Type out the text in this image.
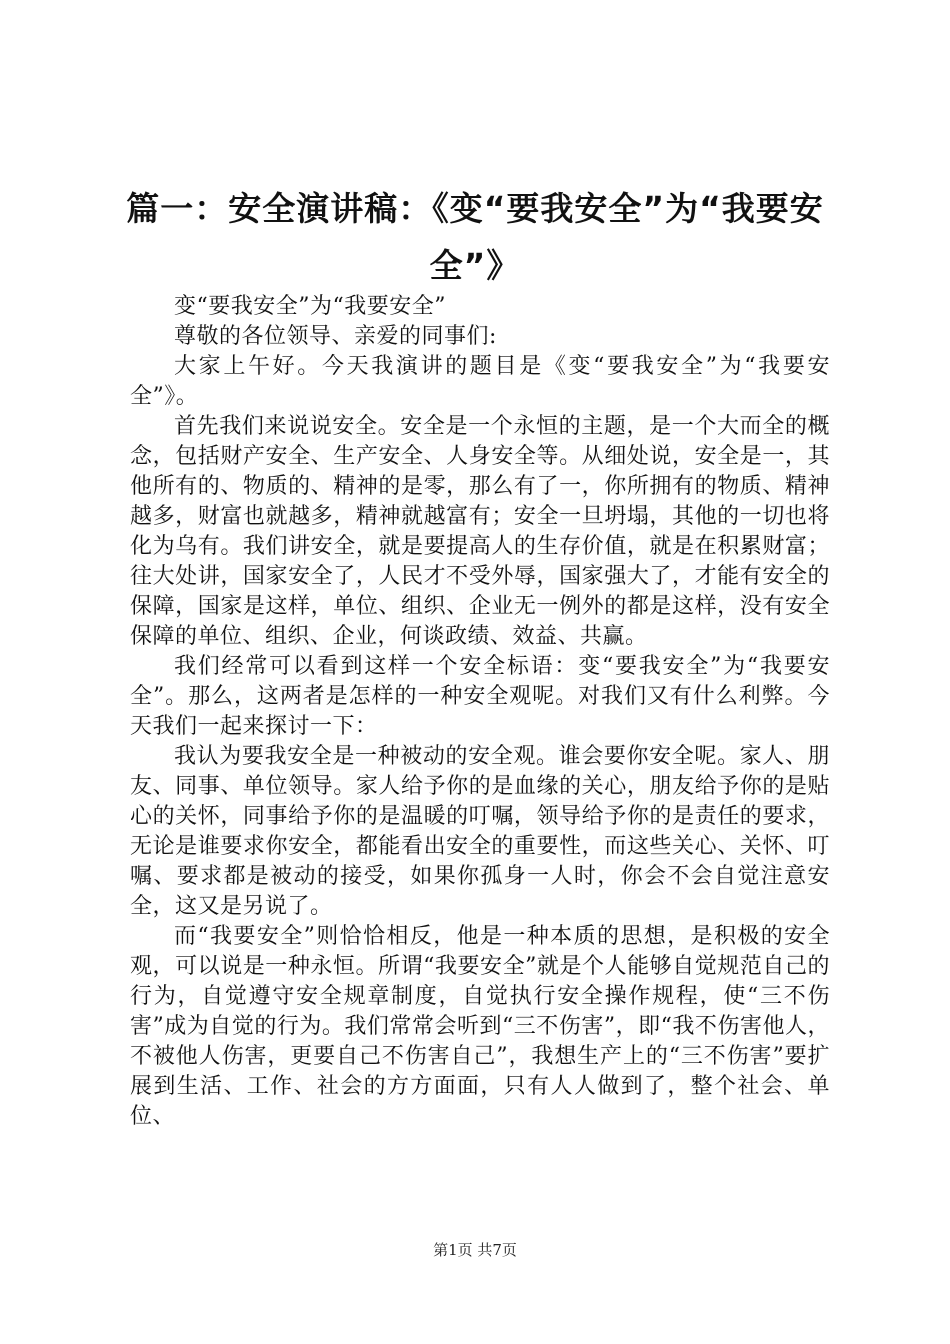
篇一：安全演讲稿：《变“要我安全”为“我要安全”》

变“要我安全”为“我要安全”

尊敬的各位领导、亲爱的同事们:

大家上午好。今天我演讲的题目是《变“要我安全”为“我要安全”》。

首先我们来说说安全。安全是一个永恒的主题，是一个大而全的概念，包括财产安全、生产安全、人身安全等。从细处说，安全是一，其他所有的、物质的、精神的是零，那么有了一，你所拥有的物质、精神越多，财富也就越多，精神就越富有；安全一旦坍塌，其他的一切也将化为乌有。我们讲安全，就是要提高人的生存价值，就是在积累财富；往大处讲，国家安全了，人民才不受外辱，国家强大了，才能有安全的保障，国家是这样，单位、组织、企业无一例外的都是这样，没有安全保障的单位、组织、企业，何谈政绩、效益、共赢。

我们经常可以看到这样一个安全标语：变“要我安全”为“我要安全”。那么，这两者是怎样的一种安全观呢。对我们又有什么利弊。今天我们一起来探讨一下：

我认为要我安全是一种被动的安全观。谁会要你安全呢。家人、朋友、同事、单位领导。家人给予你的是血缘的关心，朋友给予你的是贴心的关怀，同事给予你的是温暖的叮嘱，领导给予你的是责任的要求，无论是谁要求你安全，都能看出安全的重要性，而这些关心、关怀、叮嘱、要求都是被动的接受，如果你孤身一人时，你会不会自觉注意安全，这又是另说了。

而“我要安全”则恰恰相反，他是一种本质的思想，是积极的安全观，可以说是一种永恒。所谓“我要安全”就是个人能够自觉规范自己的行为，自觉遵守安全规章制度，自觉执行安全操作规程，使“三不伤害”成为自觉的行为。我们常常会听到“三不伤害”，即“我不伤害他人，不被他人伤害，更要自己不伤害自己”，我想生产上的“三不伤害”要扩展到生活、工作、社会的方方面面，只有人人做到了，整个社会、单位、

第1页 共7页
